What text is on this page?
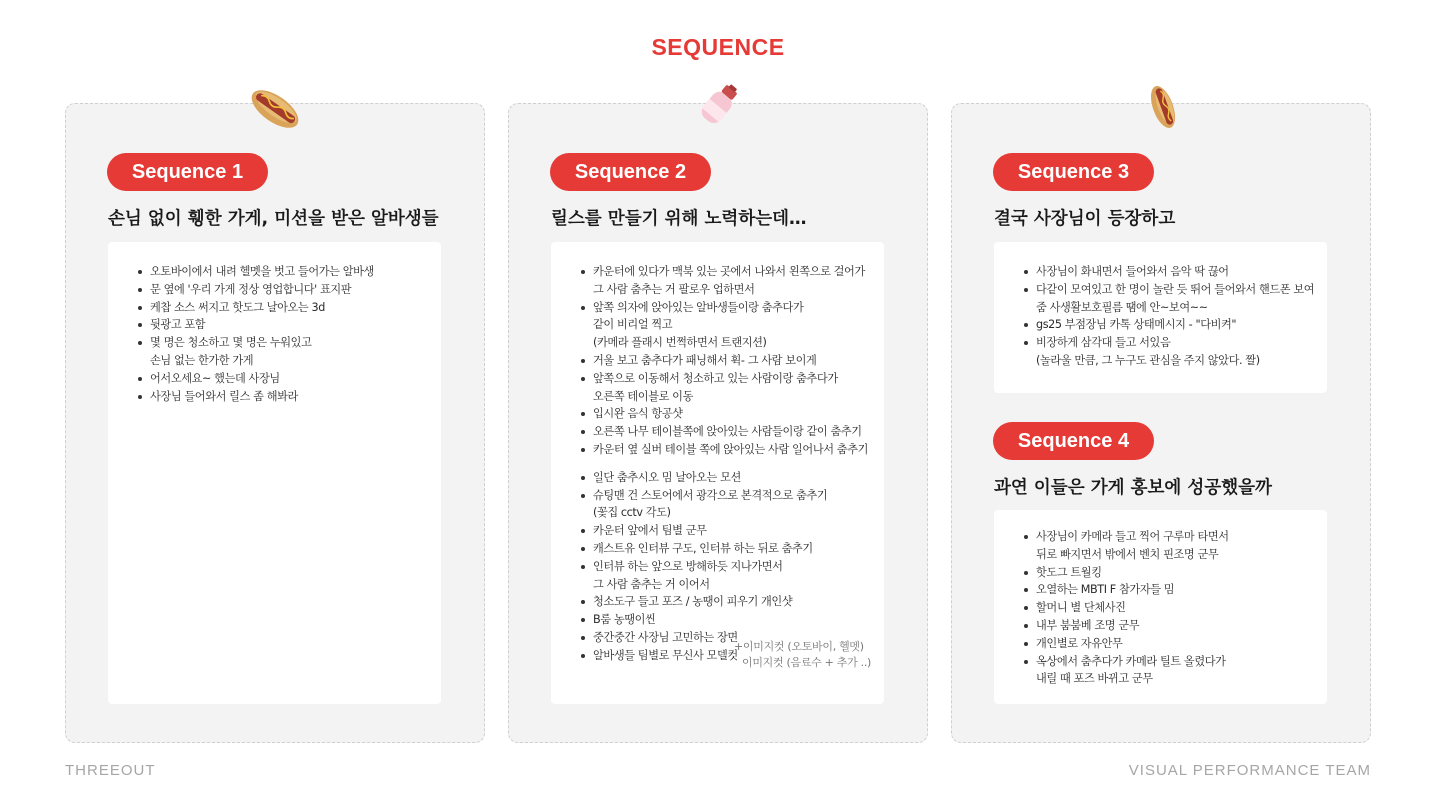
SEQUENCE
Sequence 1
손님 없이 휑한 가게, 미션을 받은 알바생들
오토바이에서 내려 헬멧을 벗고 들어가는 알바생
문 옆에 '우리 가게 정상 영업합니다' 표지판
케찹 소스 써지고 핫도그 날아오는 3d
뒷광고 포함
몇 명은 청소하고 몇 명은 누워있고
손님 없는 한가한 가게
어서오세요~ 했는데 사장님
사장님 들어와서 릴스 좀 해봐라
Sequence 2
릴스를 만들기 위해 노력하는데…
카운터에 있다가 맥북 있는 곳에서 나와서 왼쪽으로 걸어가
그 사람 춤추는 거 팔로우 업하면서
앞쪽 의자에 앉아있는 알바생들이랑 춤추다가
같이 비리얼 찍고
(카메라 플래시 번쩍하면서 트랜지션)
거울 보고 춤추다가 패닝해서 휙- 그 사람 보이게
앞쪽으로 이동해서 청소하고 있는 사람이랑 춤추다가
오른쪽 테이블로 이동
입시완 음식 항공샷
오른쪽 나무 테이블쪽에 앉아있는 사람들이랑 같이 춤추기
카운터 옆 실버 테이블 쪽에 앉아있는 사람 일어나서 춤추기
일단 춤추시오 밈 날아오는 모션
슈팅맨 건 스토어에서 광각으로 본격적으로 춤추기
(꽃집 cctv 각도)
카운터 앞에서 팀별 군무
캐스트유 인터뷰 구도, 인터뷰 하는 뒤로 춤추기
인터뷰 하는 앞으로 방해하듯 지나가면서
그 사람 춤추는 거 이어서
청소도구 들고 포즈 / 농땡이 피우기 개인샷
B룸 농땡이씬
중간중간 사장님 고민하는 장면
알바생들 팀별로 무신사 모델컷
+이미지컷 (오토바이, 헬멧)
이미지컷 (음료수 + 추가 ..)
Sequence 3
결국 사장님이 등장하고
사장님이 화내면서 들어와서 음악 딱 끊어
다같이 모여있고 한 명이 놀란 듯 뛰어 들어와서 핸드폰 보여
줌 사생활보호필름 땜에 안~보여~~
gs25 부점장님 카톡 상태메시지 - "다비켜"
비장하게 삼각대 들고 서있음
(놀라울 만큼, 그 누구도 관심을 주지 않았다. 짤)
Sequence 4
과연 이들은 가게 홍보에 성공했을까
사장님이 카메라 들고 찍어 구루마 타면서
뒤로 빠지면서 밖에서 벤치 핀조명 군무
핫도그 트월킹
오열하는 MBTI F 참가자들 밈
할머니 별 단체사진
내부 붐붐베 조명 군무
개인별로 자유안무
옥상에서 춤추다가 카메라 틸트 올렸다가
내릴 때 포즈 바뀌고 군무
THREEOUT	VISUAL PERFORMANCE TEAM
